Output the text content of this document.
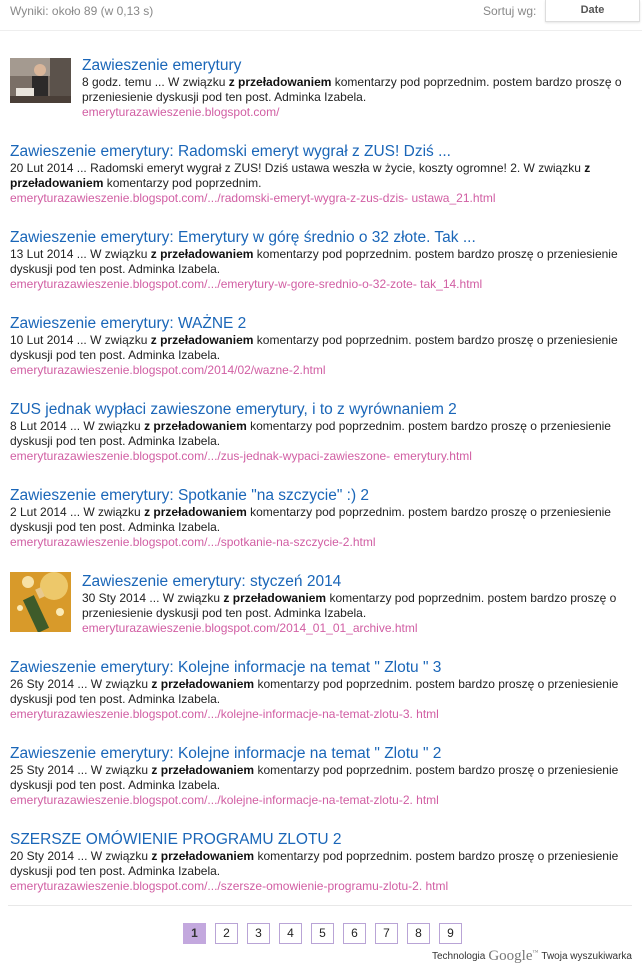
Wyniki: około 89 (w 0,13 s)	Sortuj wg:	Date
Zawieszenie emerytury
8 godz. temu ... W związku z przeładowaniem komentarzy pod poprzednim. postem bardzo proszę o przeniesienie dyskusji pod ten post. Adminka Izabela.
emeryturazawieszenie.blogspot.com/
Zawieszenie emerytury: Radomski emeryt wygrał z ZUS! Dziś ...
20 Lut 2014 ... Radomski emeryt wygrał z ZUS! Dziś ustawa weszła w życie, koszty ogromne! 2. W związku z przeładowaniem komentarzy pod poprzednim.
emeryturazawieszenie.blogspot.com/.../radomski-emeryt-wygra-z-zus-dzis- ustawa_21.html
Zawieszenie emerytury: Emerytury w górę średnio o 32 złote. Tak ...
13 Lut 2014 ... W związku z przeładowaniem komentarzy pod poprzednim. postem bardzo proszę o przeniesienie dyskusji pod ten post. Adminka Izabela.
emeryturazawieszenie.blogspot.com/.../emerytury-w-gore-srednio-o-32-zote- tak_14.html
Zawieszenie emerytury: WAŻNE 2
10 Lut 2014 ... W związku z przeładowaniem komentarzy pod poprzednim. postem bardzo proszę o przeniesienie dyskusji pod ten post. Adminka Izabela.
emeryturazawieszenie.blogspot.com/2014/02/wazne-2.html
ZUS jednak wypłaci zawieszone emerytury, i to z wyrównaniem 2
8 Lut 2014 ... W związku z przeładowaniem komentarzy pod poprzednim. postem bardzo proszę o przeniesienie dyskusji pod ten post. Adminka Izabela.
emeryturazawieszenie.blogspot.com/.../zus-jednak-wypaci-zawieszone- emerytury.html
Zawieszenie emerytury: Spotkanie "na szczycie" :) 2
2 Lut 2014 ... W związku z przeładowaniem komentarzy pod poprzednim. postem bardzo proszę o przeniesienie dyskusji pod ten post. Adminka Izabela.
emeryturazawieszenie.blogspot.com/.../spotkanie-na-szczycie-2.html
Zawieszenie emerytury: styczeń 2014
30 Sty 2014 ... W związku z przeładowaniem komentarzy pod poprzednim. postem bardzo proszę o przeniesienie dyskusji pod ten post. Adminka Izabela.
emeryturazawieszenie.blogspot.com/2014_01_01_archive.html
Zawieszenie emerytury: Kolejne informacje na temat " Zlotu " 3
26 Sty 2014 ... W związku z przeładowaniem komentarzy pod poprzednim. postem bardzo proszę o przeniesienie dyskusji pod ten post. Adminka Izabela.
emeryturazawieszenie.blogspot.com/.../kolejne-informacje-na-temat-zlotu-3. html
Zawieszenie emerytury: Kolejne informacje na temat " Zlotu " 2
25 Sty 2014 ... W związku z przeładowaniem komentarzy pod poprzednim. postem bardzo proszę o przeniesienie dyskusji pod ten post. Adminka Izabela.
emeryturazawieszenie.blogspot.com/.../kolejne-informacje-na-temat-zlotu-2. html
SZERSZE OMÓWIENIE PROGRAMU ZLOTU 2
20 Sty 2014 ... W związku z przeładowaniem komentarzy pod poprzednim. postem bardzo proszę o przeniesienie dyskusji pod ten post. Adminka Izabela.
emeryturazawieszenie.blogspot.com/.../szersze-omowienie-programu-zlotu-2. html
1	2	3	4	5	6	7	8	9
Technologia Google™ Twoja wyszukiwarka
